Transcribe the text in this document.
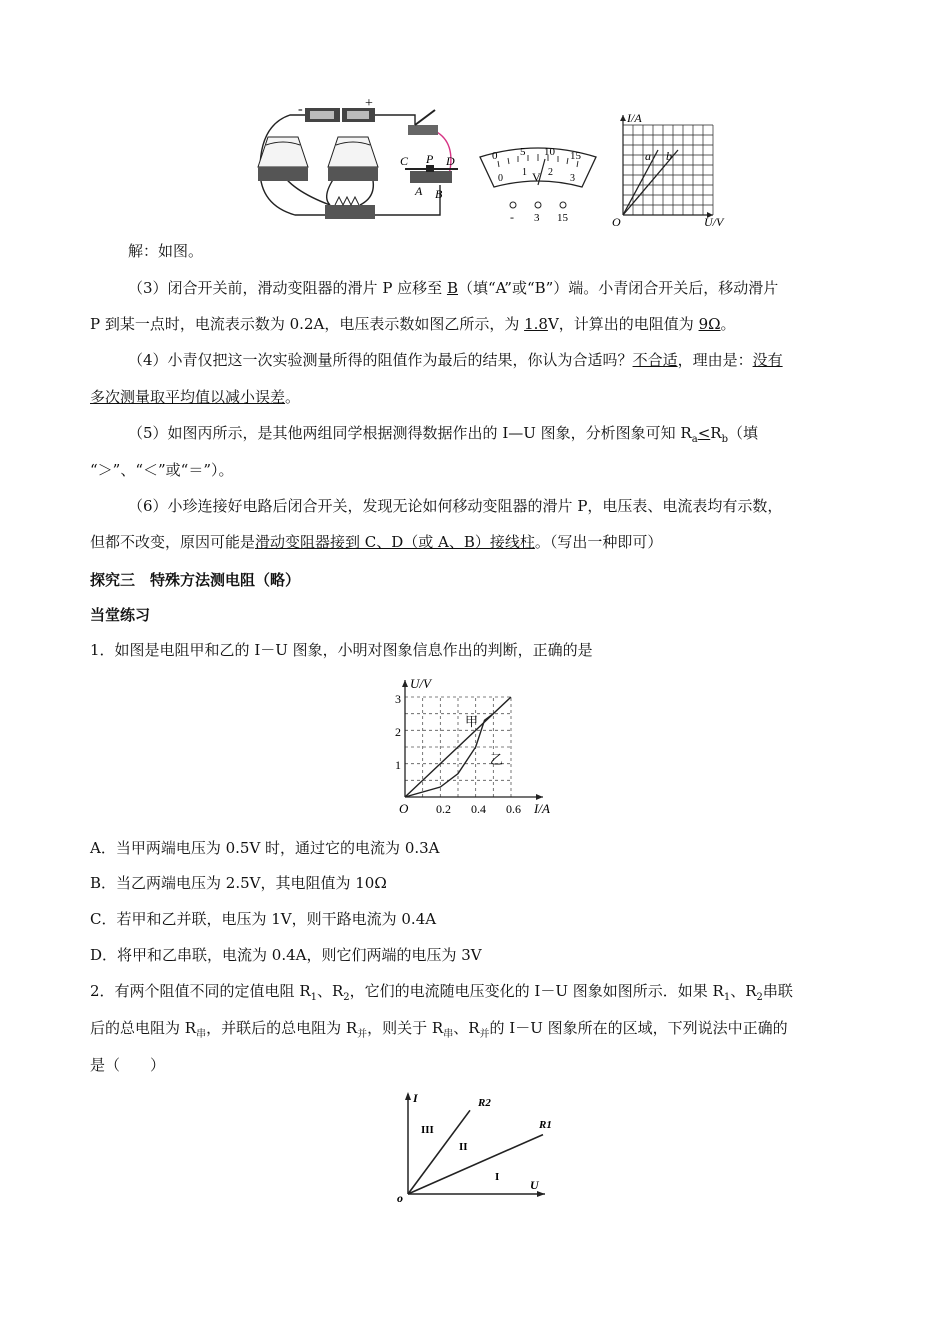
-	+
C P D
A B
0 5 10 15
0
1 2
3
V
- 3 15
I/A
U/V
O
a b
解：如图。
（3）闭合开关前，滑动变阻器的滑片 P 应移至 B（填“A”或“B”）端。小青闭合开关后，移动滑片
P 到某一点时，电流表示数为 0.2A，电压表示数如图乙所示，为 1.8V，计算出的电阻值为 9Ω。
（4）小青仅把这一次实验测量所得的阻值作为最后的结果，你认为合适吗？不合适，理由是：没有
多次测量取平均值以减小误差。
（5）如图丙所示，是其他两组同学根据测得数据作出的 I—U 图象，分析图象可知 $R_a<R_b$（填
“＞”、“＜”或“＝”）。
（6）小珍连接好电路后闭合开关，发现无论如何移动变阻器的滑片 P，电压表、电流表均有示数，
但都不改变，原因可能是滑动变阻器接到 C、D（或 A、B）接线柱。（写出一种即可）
探究三　特殊方法测电阻（略）
当堂练习
1．如图是电阻甲和乙的 I－U 图象，小明对图象信息作出的判断，正确的是
O 0.2 0.4 0.6
1
2
3
U/V
I/A
甲
乙
A．当甲两端电压为 0.5V 时，通过它的电流为 0.3A
B．当乙两端电压为 2.5V，其电阻值为 10Ω
C．若甲和乙并联，电压为 1V，则干路电流为 0.4A
D．将甲和乙串联，电流为 0.4A，则它们两端的电压为 3V
2．有两个阻值不同的定值电阻 $R_1$、$R_2$，它们的电流随电压变化的 I－U 图象如图所示．如果 $R_1$、$R_2$串联
后的总电阻为 $R_串$，并联后的总电阻为 $R_并$，则关于 $R_串$、$R_并$的 I－U 图象所在的区域，下列说法中正确的
是（　　）
I
U
o
R2
R1
III
II
I
